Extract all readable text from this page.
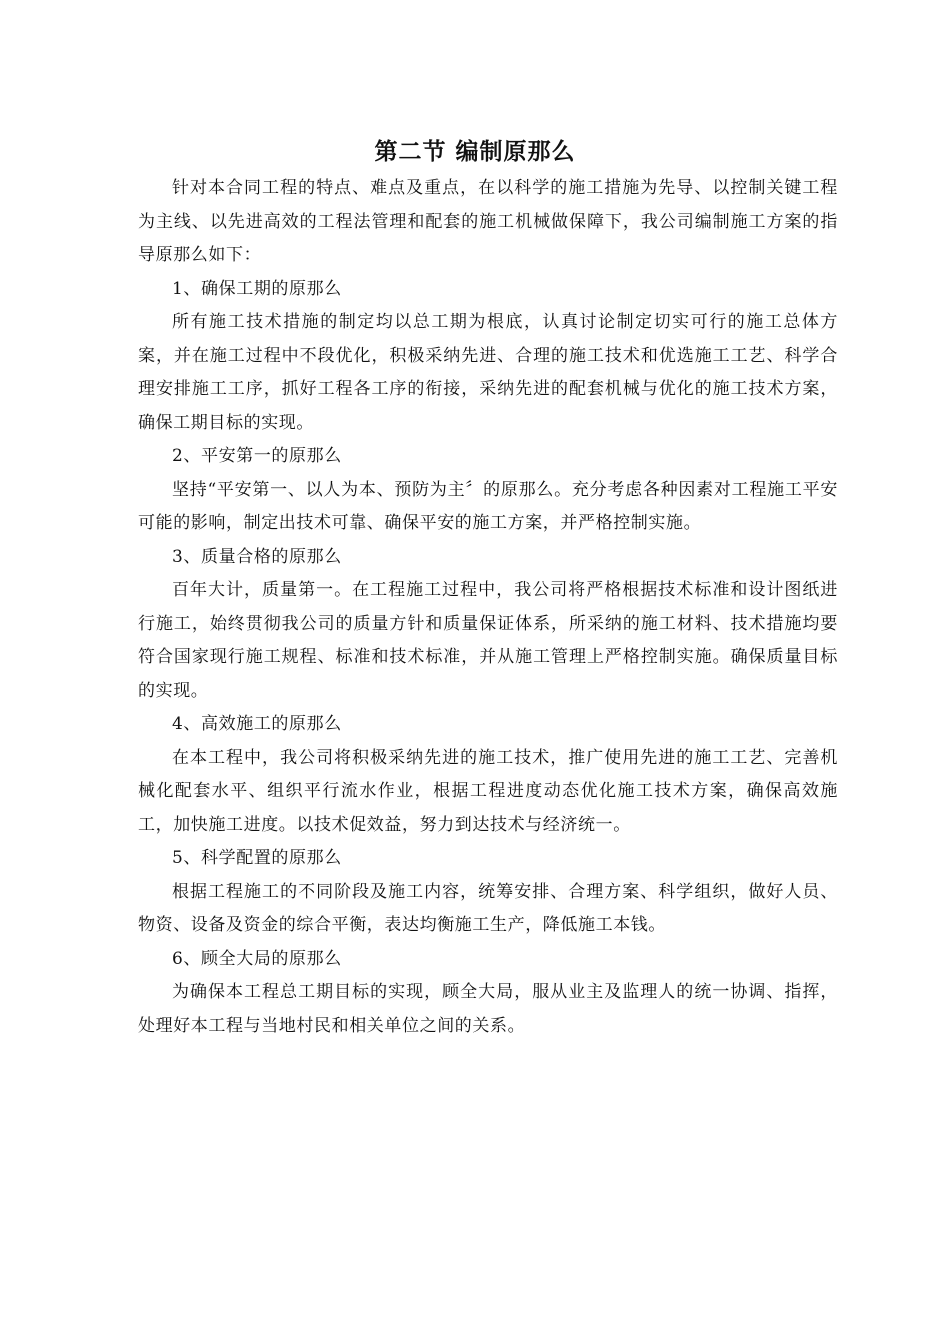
第二节 编制原那么

针对本合同工程的特点、难点及重点，在以科学的施工措施为先导、以控制关键工程为主线、以先进高效的工程法管理和配套的施工机械做保障下，我公司编制施工方案的指导原那么如下：

1、确保工期的原那么

所有施工技术措施的制定均以总工期为根底，认真讨论制定切实可行的施工总体方案，并在施工过程中不段优化，积极采纳先进、合理的施工技术和优选施工工艺、科学合理安排施工工序，抓好工程各工序的衔接，采纳先进的配套机械与优化的施工技术方案，确保工期目标的实现。

2、平安第一的原那么

坚持“平安第一、以人为本、预防为主〞的原那么。充分考虑各种因素对工程施工平安可能的影响，制定出技术可靠、确保平安的施工方案，并严格控制实施。

3、质量合格的原那么

百年大计，质量第一。在工程施工过程中，我公司将严格根据技术标准和设计图纸进行施工，始终贯彻我公司的质量方针和质量保证体系，所采纳的施工材料、技术措施均要符合国家现行施工规程、标准和技术标准，并从施工管理上严格控制实施。确保质量目标的实现。

4、高效施工的原那么

在本工程中，我公司将积极采纳先进的施工技术，推广使用先进的施工工艺、完善机械化配套水平、组织平行流水作业，根据工程进度动态优化施工技术方案，确保高效施工，加快施工进度。以技术促效益，努力到达技术与经济统一。

5、科学配置的原那么

根据工程施工的不同阶段及施工内容，统筹安排、合理方案、科学组织，做好人员、物资、设备及资金的综合平衡，表达均衡施工生产，降低施工本钱。

6、顾全大局的原那么

为确保本工程总工期目标的实现，顾全大局，服从业主及监理人的统一协调、指挥，处理好本工程与当地村民和相关单位之间的关系。
